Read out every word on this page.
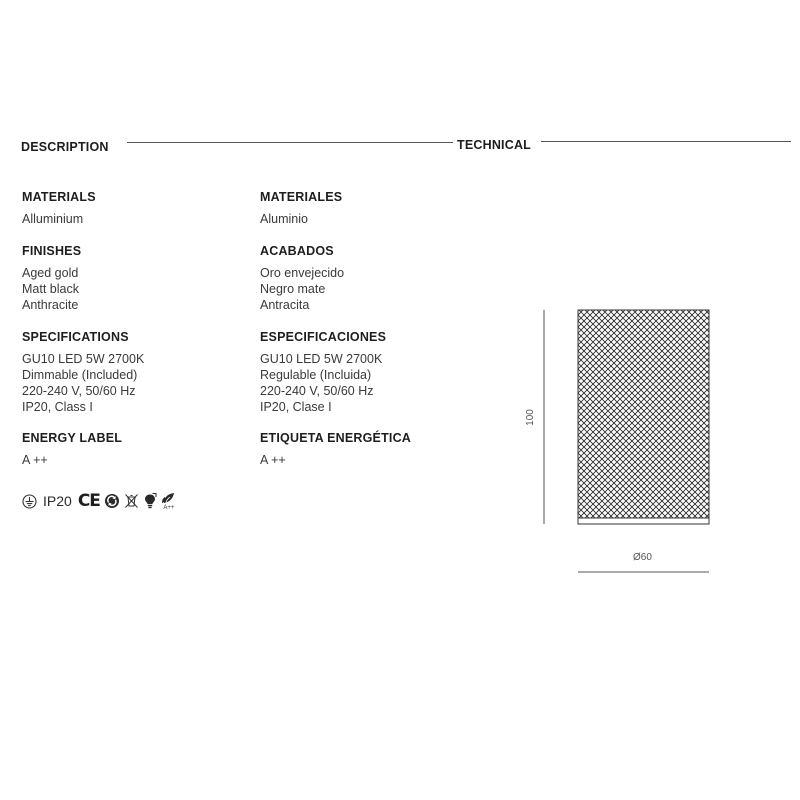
DESCRIPTION	TECHNICAL
MATERIALS
Alluminium
FINISHES
Aged gold
Matt black
Anthracite
SPECIFICATIONS
GU10 LED 5W 2700K
Dimmable (Included)
220-240 V, 50/60 Hz
IP20, Class I
ENERGY LABEL
A ++
MATERIALES
Aluminio
ACABADOS
Oro envejecido
Negro mate
Antracita
ESPECIFICACIONES
GU10 LED 5W 2700K
Regulable (Incluida)
220-240 V, 50/60 Hz
IP20, Clase I
ETIQUETA ENERGÉTICA
A ++
IP20 CE	A++
100
Ø60
